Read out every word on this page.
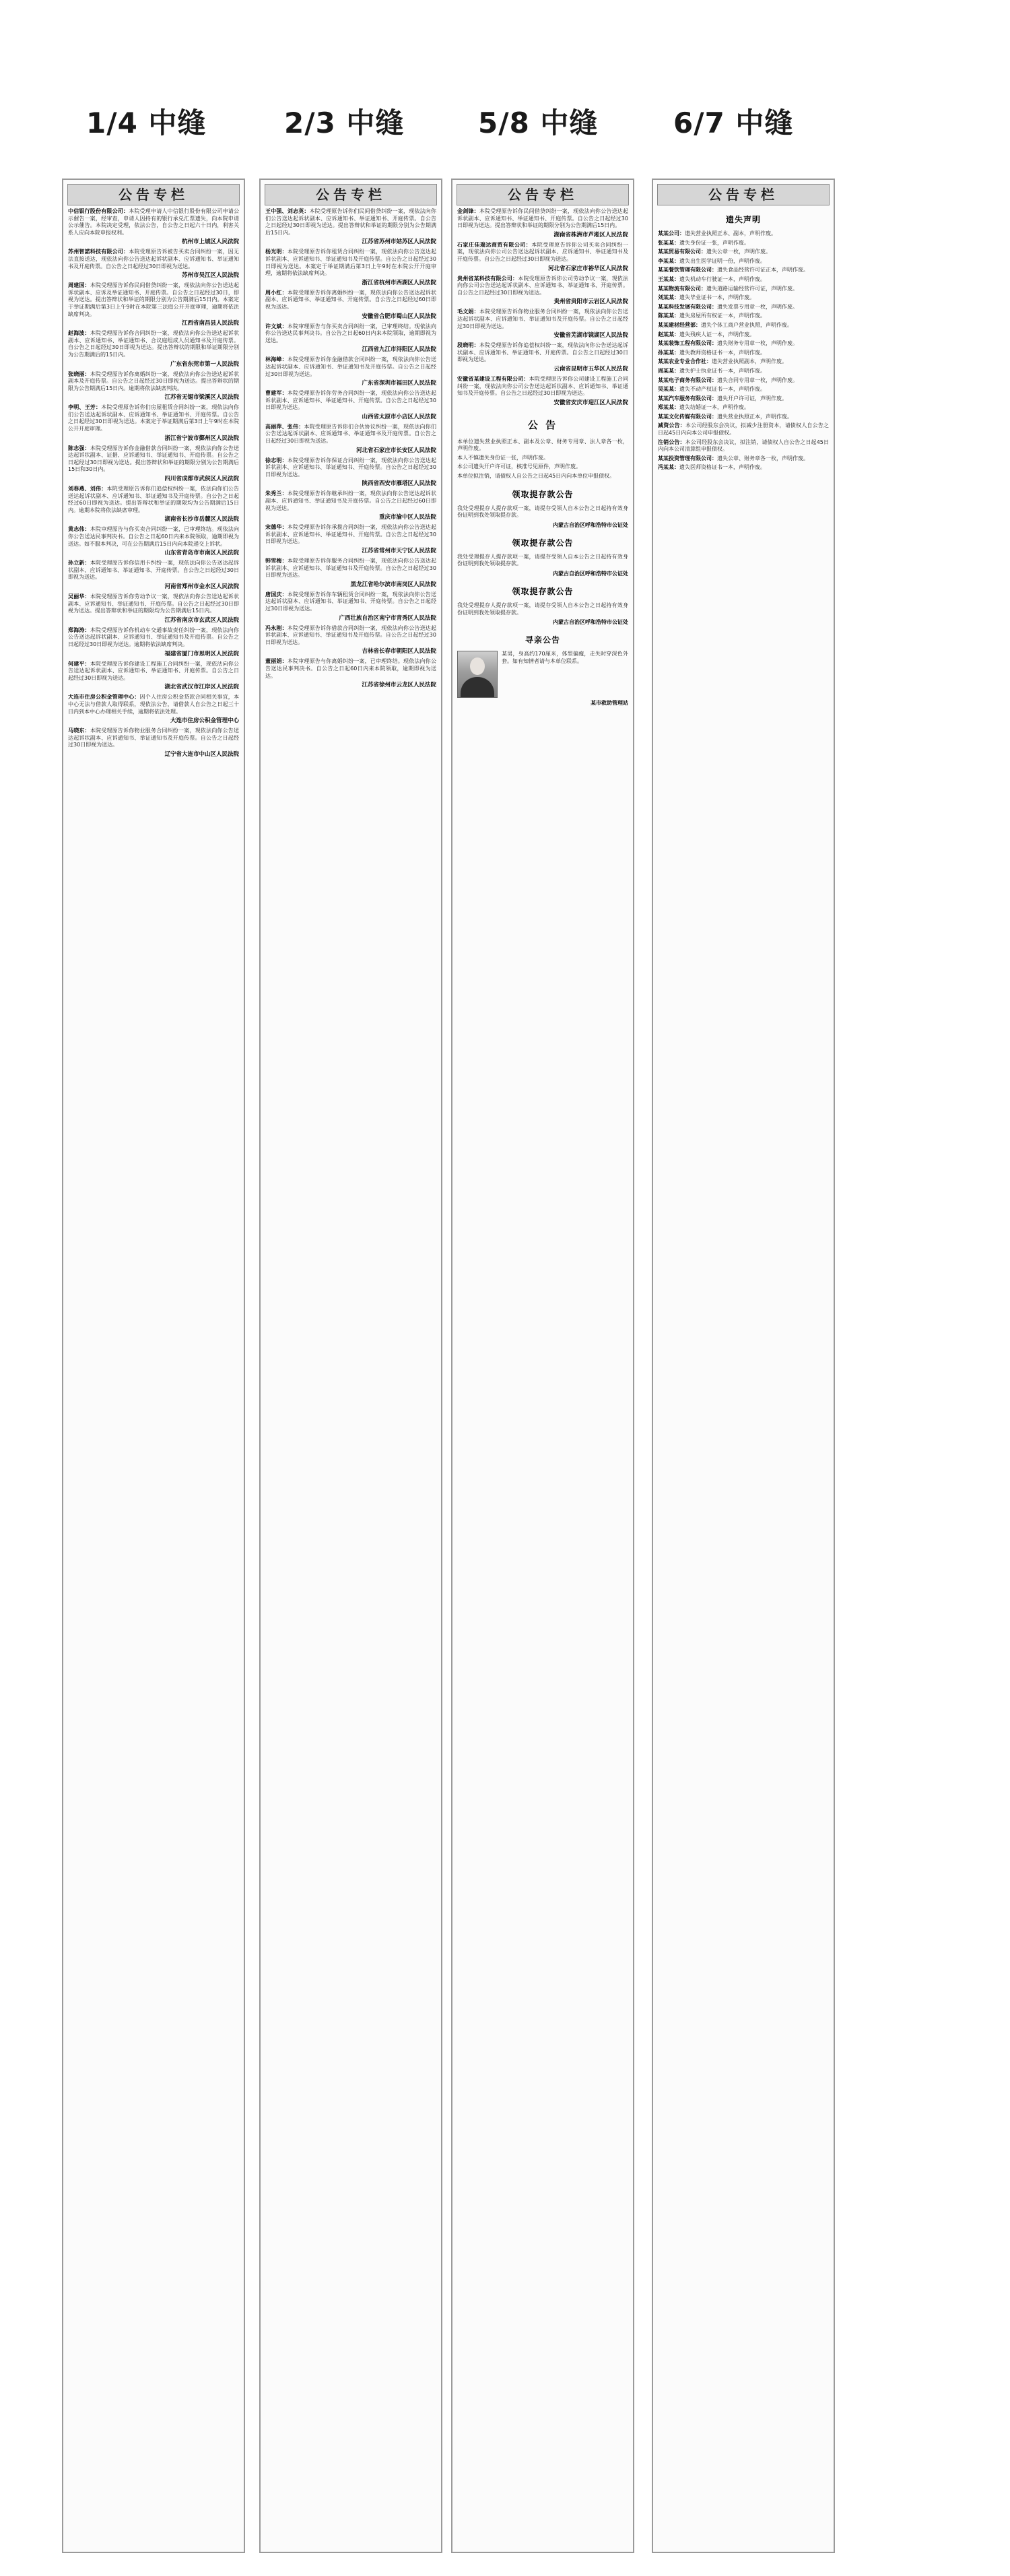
1/4 中缝	2/3 中缝	5/8 中缝	6/7 中缝
公告专栏

中信银行股份有限公司：本院受理申请人中信银行股份有限公司申请公示催告一案，经审查，申请人因持有的银行承兑汇票遗失，向本院申请公示催告。本院决定受理，依法公告，自公告之日起六十日内，利害关系人应向本院申报权利。

杭州市上城区人民法院

苏州智諾科技有限公司：本院受理原告诉被告买卖合同纠纷一案，因无法直接送达，现依法向你公告送达起诉状副本、应诉通知书、举证通知书及开庭传票。自公告之日起经过30日即视为送达。

苏州市吴江区人民法院

周建国：本院受理原告诉你民间借贷纠纷一案，现依法向你公告送达起诉状副本、应诉及举证通知书、开庭传票。自公告之日起经过30日，即视为送达。提出答辩状和举证的期限分别为公告期满后15日内。本案定于举证期满后第3日上午9时在本院第三法庭公开开庭审理，逾期将依法缺席判决。

江西省南昌县人民法院

赵海波：本院受理原告诉你合同纠纷一案，现依法向你公告送达起诉状副本、应诉通知书、举证通知书、合议庭组成人员通知书及开庭传票。自公告之日起经过30日即视为送达。提出答辩状的期限和举证期限分别为公告期满后的15日内。

广东省东莞市第一人民法院

张晓丽：本院受理原告诉你离婚纠纷一案，现依法向你公告送达起诉状副本及开庭传票。自公告之日起经过30日即视为送达。提出答辩状的期限为公告期满后15日内。逾期将依法缺席判决。

江苏省无锡市梁溪区人民法院

李明、王芳：本院受理原告诉你们房屋租赁合同纠纷一案，现依法向你们公告送达起诉状副本、应诉通知书、举证通知书、开庭传票。自公告之日起经过30日即视为送达。本案定于举证期满后第3日上午9时在本院公开开庭审理。

浙江省宁波市鄞州区人民法院

陈志强：本院受理原告诉你金融借款合同纠纷一案，现依法向你公告送达起诉状副本、证据、应诉通知书、举证通知书、开庭传票。自公告之日起经过30日即视为送达。提出答辩状和举证的期限分别为公告期满后15日和30日内。

四川省成都市武侯区人民法院

刘春燕、刘伟：本院受理原告诉你们追偿权纠纷一案，依法向你们公告送达起诉状副本、应诉通知书、举证通知书及开庭传票。自公告之日起经过60日即视为送达。提出答辩状和举证的期限均为公告期满后15日内。逾期本院将依法缺席审理。

湖南省长沙市岳麓区人民法院

黄志伟：本院审理原告与你买卖合同纠纷一案，已审理终结。现依法向你公告送达民事判决书。自公告之日起60日内来本院领取，逾期即视为送达。如不服本判决，可在公告期满后15日内向本院递交上诉状。

山东省青岛市市南区人民法院

孙立新：本院受理原告诉你信用卡纠纷一案，现依法向你公告送达起诉状副本、应诉通知书、举证通知书、开庭传票。自公告之日起经过30日即视为送达。

河南省郑州市金水区人民法院

吴丽华：本院受理原告诉你劳动争议一案，现依法向你公告送达起诉状副本、应诉通知书、举证通知书、开庭传票。自公告之日起经过30日即视为送达。提出答辩状和举证的期限均为公告期满后15日内。

江苏省南京市玄武区人民法院

郑海涛：本院受理原告诉你机动车交通事故责任纠纷一案，现依法向你公告送达起诉状副本、应诉通知书、举证通知书及开庭传票。自公告之日起经过30日即视为送达。逾期将依法缺席判决。

福建省厦门市思明区人民法院

何建平：本院受理原告诉你建设工程施工合同纠纷一案，现依法向你公告送达起诉状副本、应诉通知书、举证通知书、开庭传票。自公告之日起经过30日即视为送达。

湖北省武汉市江岸区人民法院

大连市住房公积金管理中心：因个人住房公积金贷款合同相关事宜，本中心无法与借款人取得联系，现依法公告，请借款人自公告之日起三十日内到本中心办理相关手续，逾期将依法处理。

大连市住房公积金管理中心

马晓东：本院受理原告诉你物业服务合同纠纷一案，现依法向你公告送达起诉状副本、应诉通知书、举证通知书及开庭传票。自公告之日起经过30日即视为送达。

辽宁省大连市中山区人民法院
公告专栏

王中强、刘志英：本院受理原告诉你们民间借贷纠纷一案，现依法向你们公告送达起诉状副本、应诉通知书、举证通知书、开庭传票。自公告之日起经过30日即视为送达。提出答辩状和举证的期限分别为公告期满后15日内。

江苏省苏州市姑苏区人民法院

杨光明：本院受理原告诉你租赁合同纠纷一案，现依法向你公告送达起诉状副本、应诉通知书、举证通知书及开庭传票。自公告之日起经过30日即视为送达。本案定于举证期满后第3日上午9时在本院公开开庭审理，逾期将依法缺席判决。

浙江省杭州市西湖区人民法院

周小红：本院受理原告诉你离婚纠纷一案，现依法向你公告送达起诉状副本、应诉通知书、举证通知书、开庭传票。自公告之日起经过60日即视为送达。

安徽省合肥市蜀山区人民法院

许文斌：本院审理原告与你买卖合同纠纷一案，已审理终结。现依法向你公告送达民事判决书。自公告之日起60日内来本院领取，逾期即视为送达。

江西省九江市浔阳区人民法院

林海峰：本院受理原告诉你金融借款合同纠纷一案，现依法向你公告送达起诉状副本、应诉通知书、举证通知书及开庭传票。自公告之日起经过30日即视为送达。

广东省深圳市福田区人民法院

曹建军：本院受理原告诉你劳务合同纠纷一案，现依法向你公告送达起诉状副本、应诉通知书、举证通知书、开庭传票。自公告之日起经过30日即视为送达。

山西省太原市小店区人民法院

高丽萍、张伟：本院受理原告诉你们合伙协议纠纷一案，现依法向你们公告送达起诉状副本、应诉通知书、举证通知书及开庭传票。自公告之日起经过30日即视为送达。

河北省石家庄市长安区人民法院

徐志明：本院受理原告诉你保证合同纠纷一案，现依法向你公告送达起诉状副本、应诉通知书、举证通知书、开庭传票。自公告之日起经过30日即视为送达。

陕西省西安市雁塔区人民法院

朱秀兰：本院受理原告诉你继承纠纷一案，现依法向你公告送达起诉状副本、应诉通知书、举证通知书及开庭传票。自公告之日起经过60日即视为送达。

重庆市渝中区人民法院

宋德华：本院受理原告诉你承揽合同纠纷一案，现依法向你公告送达起诉状副本、应诉通知书、举证通知书、开庭传票。自公告之日起经过30日即视为送达。

江苏省常州市天宁区人民法院

韩雪梅：本院受理原告诉你服务合同纠纷一案，现依法向你公告送达起诉状副本、应诉通知书、举证通知书及开庭传票。自公告之日起经过30日即视为送达。

黑龙江省哈尔滨市南岗区人民法院

唐国庆：本院受理原告诉你车辆租赁合同纠纷一案，现依法向你公告送达起诉状副本、应诉通知书、举证通知书、开庭传票。自公告之日起经过30日即视为送达。

广西壮族自治区南宁市青秀区人民法院

冯永刚：本院受理原告诉你借款合同纠纷一案，现依法向你公告送达起诉状副本、应诉通知书、举证通知书及开庭传票。自公告之日起经过30日即视为送达。

吉林省长春市朝阳区人民法院

董丽娟：本院审理原告与你离婚纠纷一案，已审理终结。现依法向你公告送达民事判决书。自公告之日起60日内来本院领取，逾期即视为送达。

江苏省徐州市云龙区人民法院
公告专栏

金剑锋：本院受理原告诉你民间借贷纠纷一案，现依法向你公告送达起诉状副本、应诉通知书、举证通知书、开庭传票。自公告之日起经过30日即视为送达。提出答辩状和举证的期限分别为公告期满后15日内。

湖南省株洲市芦淞区人民法院

石家庄佳瑞达商贸有限公司：本院受理原告诉你公司买卖合同纠纷一案，现依法向你公司公告送达起诉状副本、应诉通知书、举证通知书及开庭传票。自公告之日起经过30日即视为送达。

河北省石家庄市裕华区人民法院

贵州省某科技有限公司：本院受理原告诉你公司劳动争议一案，现依法向你公司公告送达起诉状副本、应诉通知书、举证通知书、开庭传票。自公告之日起经过30日即视为送达。

贵州省贵阳市云岩区人民法院

毛文娟：本院受理原告诉你物业服务合同纠纷一案，现依法向你公告送达起诉状副本、应诉通知书、举证通知书及开庭传票。自公告之日起经过30日即视为送达。

安徽省芜湖市镜湖区人民法院

段晓明：本院受理原告诉你追偿权纠纷一案，现依法向你公告送达起诉状副本、应诉通知书、举证通知书、开庭传票。自公告之日起经过30日即视为送达。

云南省昆明市五华区人民法院

安徽省某建设工程有限公司：本院受理原告诉你公司建设工程施工合同纠纷一案，现依法向你公司公告送达起诉状副本、应诉通知书、举证通知书及开庭传票。自公告之日起经过30日即视为送达。

安徽省安庆市迎江区人民法院
公 告

本单位遗失营业执照正本、副本及公章、财务专用章、法人章各一枚，声明作废。

本人不慎遗失身份证一张，声明作废。

本公司遗失开户许可证，核准号见原件，声明作废。

本单位拟注销，请债权人自公告之日起45日内向本单位申报债权。

领取提存款公告

我处受理提存人提存款项一案，请提存受领人自本公告之日起持有效身份证明到我处领取提存款。

内蒙古自治区呼和浩特市公证处
领取提存款公告

我处受理提存人提存款项一案，请提存受领人自本公告之日起持有效身份证明到我处领取提存款。

内蒙古自治区呼和浩特市公证处
领取提存款公告

我处受理提存人提存款项一案，请提存受领人自本公告之日起持有效身份证明到我处领取提存款。

内蒙古自治区呼和浩特市公证处
寻亲公告

某男，身高约170厘米，体型偏瘦，走失时穿深色外套。如有知情者请与本单位联系。

某市救助管理站
公告专栏
遗失声明

某某公司：遗失营业执照正本、副本，声明作废。

张某某：遗失身份证一张，声明作废。

某某贸易有限公司：遗失公章一枚，声明作废。

李某某：遗失出生医学证明一份，声明作废。

某某餐饮管理有限公司：遗失食品经营许可证正本，声明作废。

王某某：遗失机动车行驶证一本，声明作废。

某某物流有限公司：遗失道路运输经营许可证，声明作废。

刘某某：遗失毕业证书一本，声明作废。

某某科技发展有限公司：遗失发票专用章一枚，声明作废。

陈某某：遗失房屋所有权证一本，声明作废。

某某建材经营部：遗失个体工商户营业执照，声明作废。

赵某某：遗失残疾人证一本，声明作废。

某某装饰工程有限公司：遗失财务专用章一枚，声明作废。

孙某某：遗失教师资格证书一本，声明作废。

某某农业专业合作社：遗失营业执照副本，声明作废。

周某某：遗失护士执业证书一本，声明作废。

某某电子商务有限公司：遗失合同专用章一枚，声明作废。

吴某某：遗失不动产权证书一本，声明作废。

某某汽车服务有限公司：遗失开户许可证，声明作废。

郑某某：遗失结婚证一本，声明作废。

某某文化传媒有限公司：遗失营业执照正本，声明作废。

减资公告：本公司经股东会决议，拟减少注册资本，请债权人自公告之日起45日内向本公司申报债权。

注销公告：本公司经股东会决议，拟注销，请债权人自公告之日起45日内向本公司清算组申报债权。

某某投资管理有限公司：遗失公章、财务章各一枚，声明作废。

冯某某：遗失医师资格证书一本，声明作废。
